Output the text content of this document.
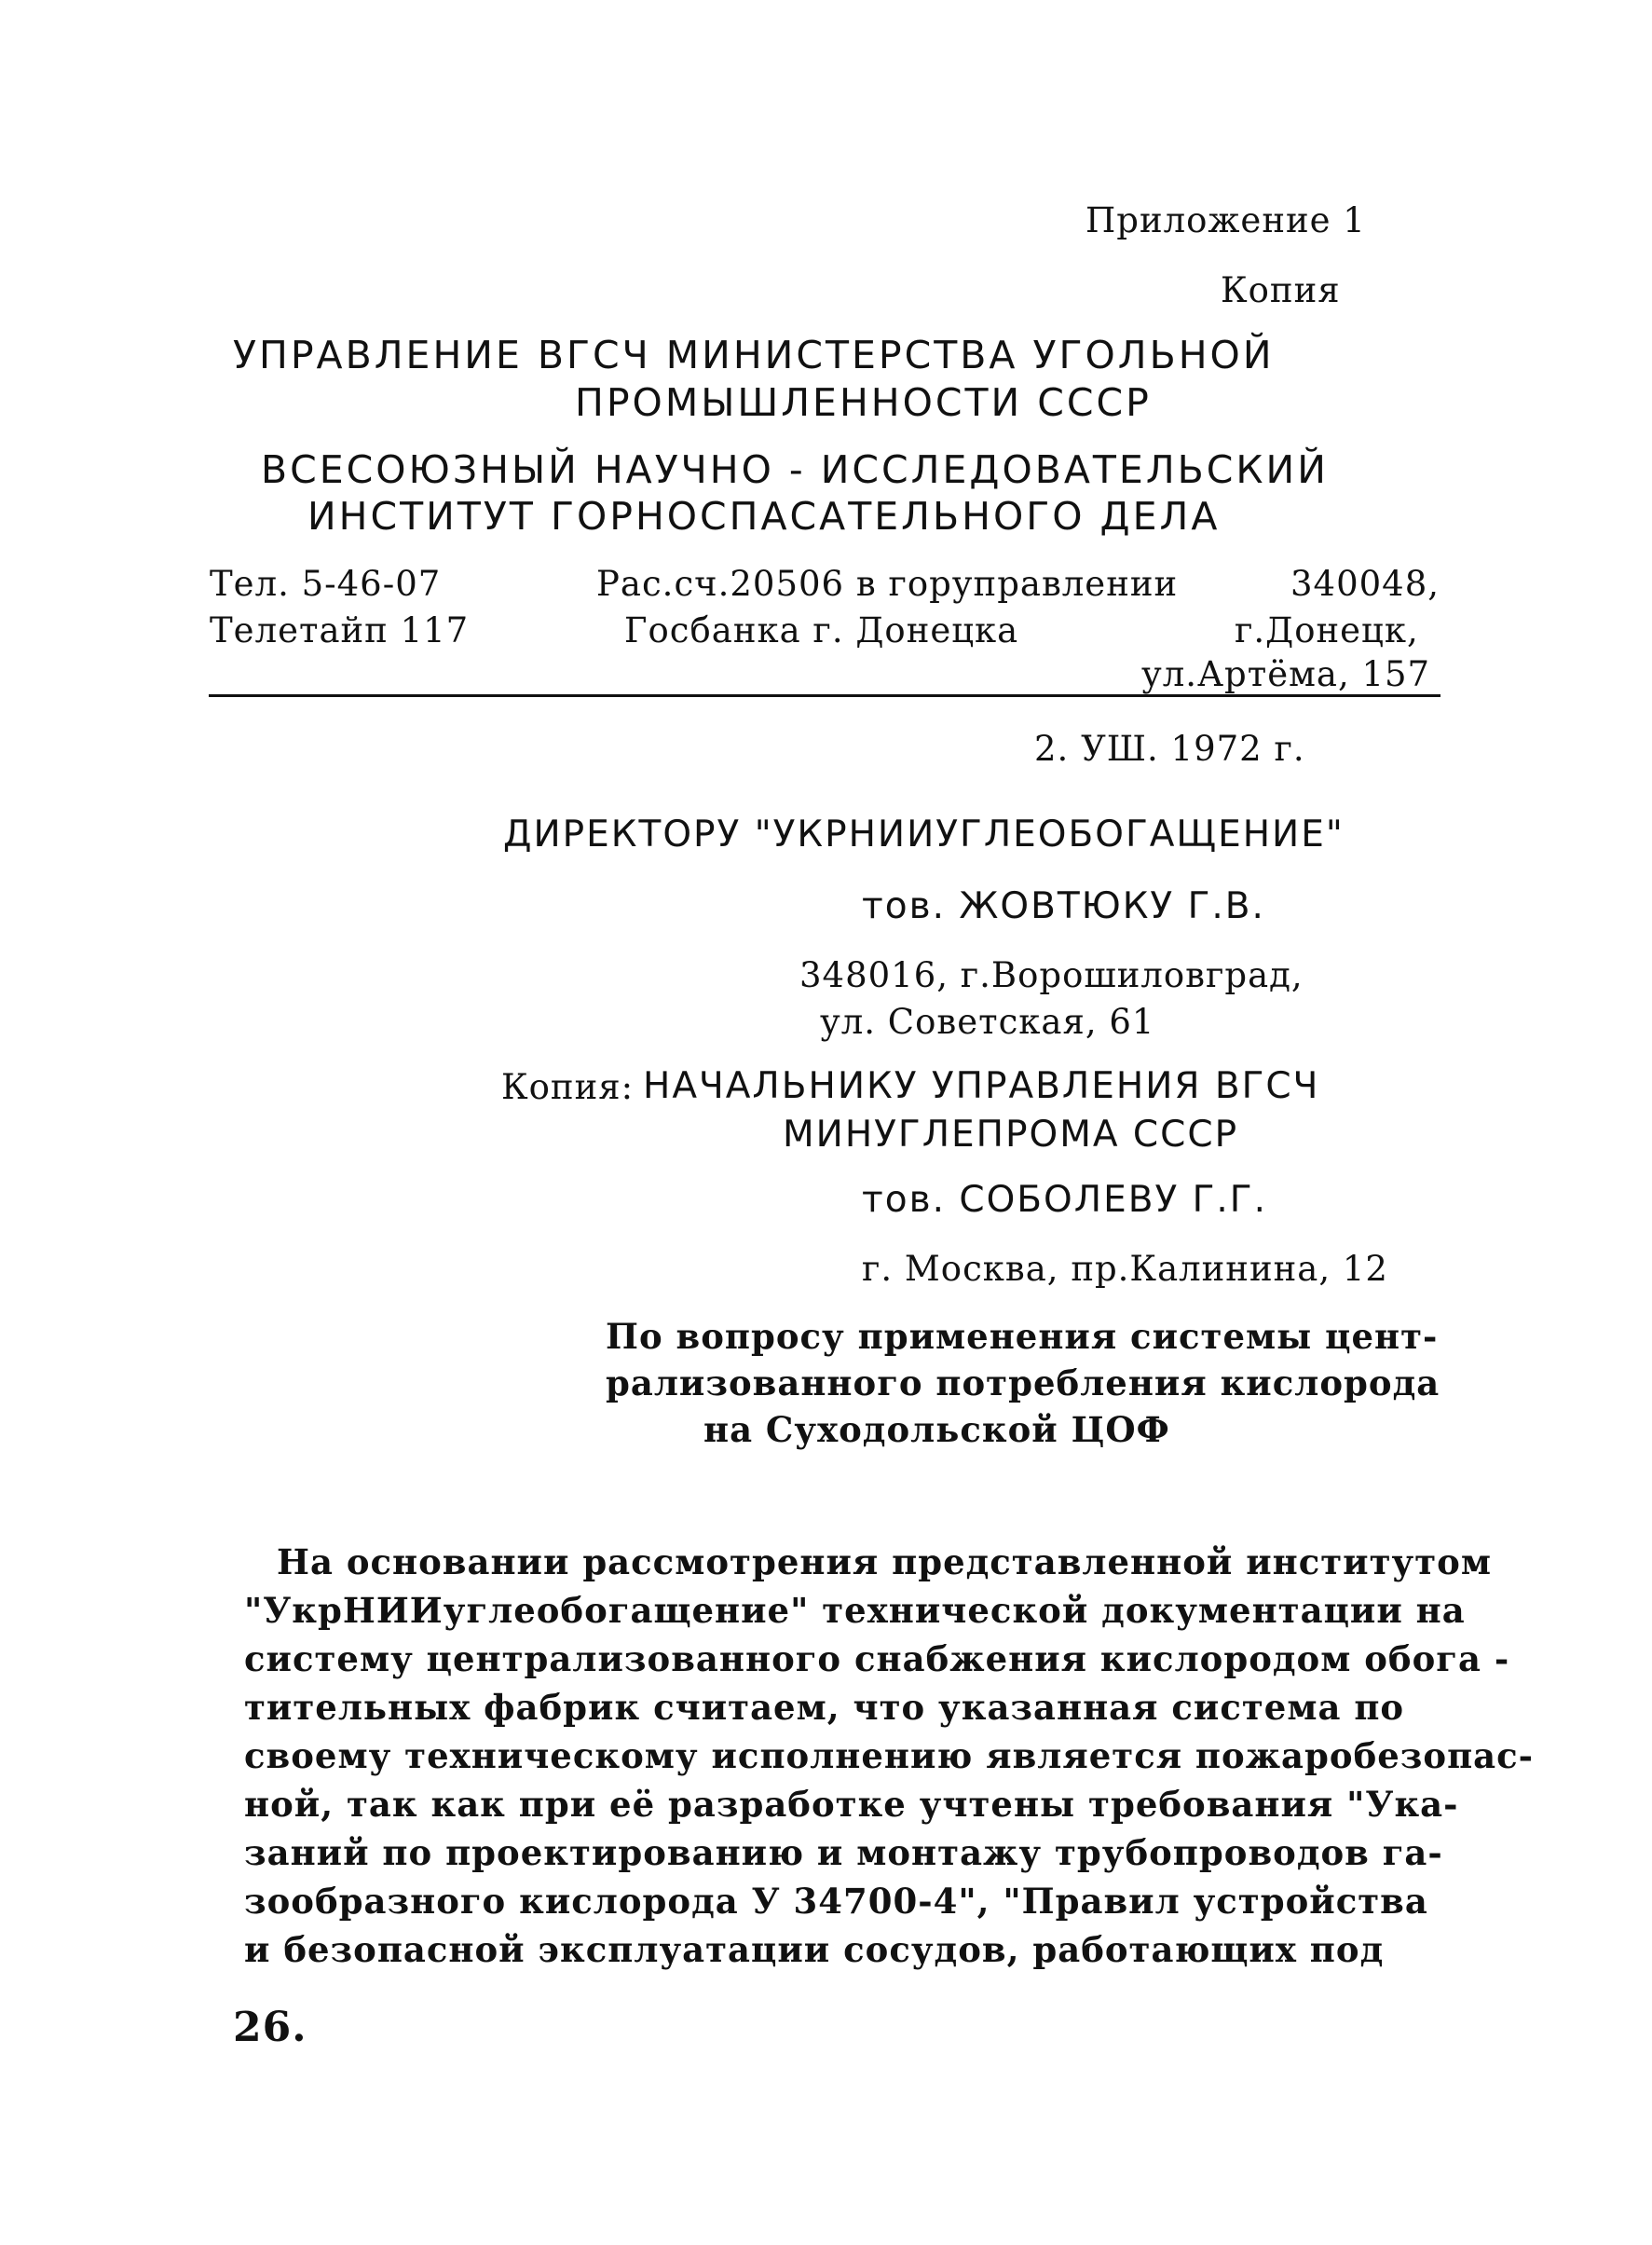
Приложение 1
Копия
УПРАВЛЕНИЕ ВГСЧ МИНИСТЕРСТВА УГОЛЬНОЙ
ПРОМЫШЛЕННОСТИ СССР
ВСЕСОЮЗНЫЙ НАУЧНО - ИССЛЕДОВАТЕЛЬСКИЙ
ИНСТИТУТ ГОРНОСПАСАТЕЛЬНОГО ДЕЛА
Тел. 5-46-07
Телетайп 117
Рас.сч.20506 в горуправлении
Госбанка г. Донецка
340048,
г.Донецк,
ул.Артёма, 157
2. УШ. 1972 г.
ДИРЕКТОРУ "УКРНИИУГЛЕОБОГАЩЕНИЕ"
тов. ЖОВТЮКУ Г.В.
348016, г.Ворошиловград,
ул. Советская, 61
Копия: НАЧАЛЬНИКУ УПРАВЛЕНИЯ ВГСЧ
МИНУГЛЕПРОМА СССР
тов. СОБОЛЕВУ Г.Г.
г. Москва, пр.Калинина, 12
По вопросу применения системы цент-
рализованного потребления кислорода
на Суходольской ЦОФ
На основании рассмотрения представленной институтом
"УкрНИИуглеобогащение" технической документации на
систему централизованного снабжения кислородом обога -
тительных фабрик считаем, что указанная система по
своему техническому исполнению является пожаробезопас-
ной, так как при её разработке учтены требования "Ука-
заний по проектированию и монтажу трубопроводов га-
зообразного кислорода У 34700-4", "Правил устройства
и безопасной эксплуатации сосудов, работающих под
26.
